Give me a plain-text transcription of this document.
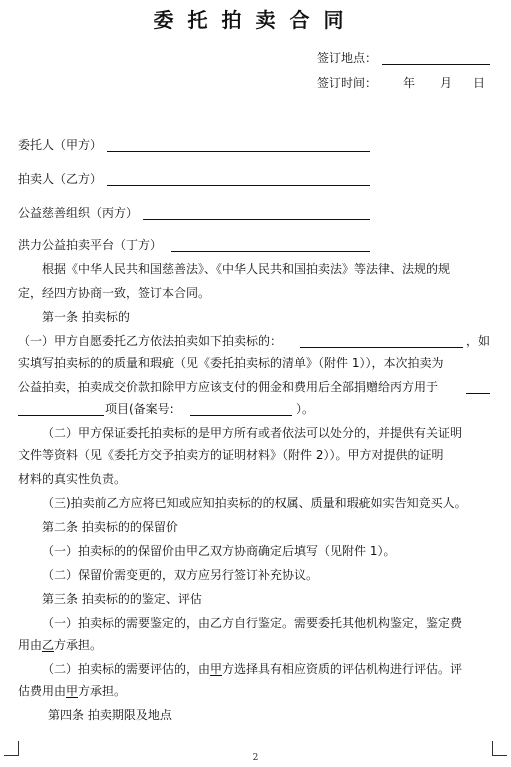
委托拍卖合同
签订地点：
签订时间： 年 月 日
委托人（甲方）
拍卖人（乙方）
公益慈善组织（丙方）
洪力公益拍卖平台（丁方）
根据《中华人民共和国慈善法》、《中华人民共和国拍卖法》等法律、法规的规
定，经四方协商一致，签订本合同。
第一条 拍卖标的
（一）甲方自愿委托乙方依法拍卖如下拍卖标的：	，如
实填写拍卖标的的质量和瑕疵（见《委托拍卖标的清单》（附件 1）），本次拍卖为
公益拍卖，拍卖成交价款扣除甲方应该支付的佣金和费用后全部捐赠给丙方用于
项目(备案号:	）。
（二）甲方保证委托拍卖标的是甲方所有或者依法可以处分的，并提供有关证明
文件等资料（见《委托方交予拍卖方的证明材料》（附件 2））。甲方对提供的证明
材料的真实性负责。
（三)拍卖前乙方应将已知或应知拍卖标的的权属、质量和瑕疵如实告知竞买人。
第二条 拍卖标的的保留价
（一）拍卖标的的保留价由甲乙双方协商确定后填写（见附件 1）。
（二）保留价需变更的，双方应另行签订补充协议。
第三条 拍卖标的的鉴定、评估
（一）拍卖标的需要鉴定的，由乙方自行鉴定。需要委托其他机构鉴定，鉴定费
用由乙方承担。
（二）拍卖标的需要评估的，由甲方选择具有相应资质的评估机构进行评估。评
估费用由甲方承担。
第四条 拍卖期限及地点
2
